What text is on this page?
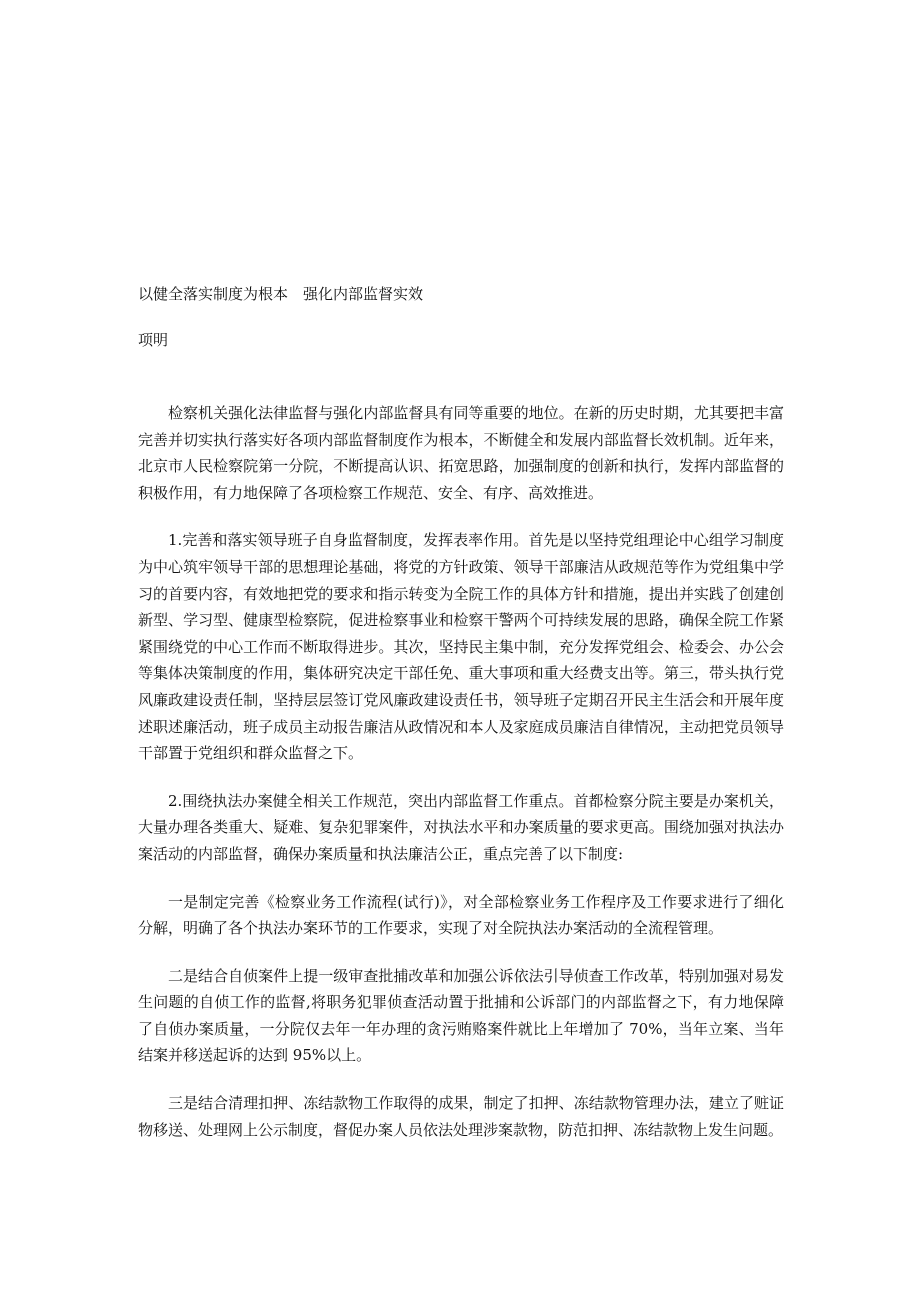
以健全落实制度为根本　强化内部监督实效
项明

检察机关强化法律监督与强化内部监督具有同等重要的地位。在新的历史时期，尤其要把丰富完善并切实执行落实好各项内部监督制度作为根本，不断健全和发展内部监督长效机制。近年来，北京市人民检察院第一分院，不断提高认识、拓宽思路，加强制度的创新和执行，发挥内部监督的积极作用，有力地保障了各项检察工作规范、安全、有序、高效推进。

1.完善和落实领导班子自身监督制度，发挥表率作用。首先是以坚持党组理论中心组学习制度为中心筑牢领导干部的思想理论基础，将党的方针政策、领导干部廉洁从政规范等作为党组集中学习的首要内容，有效地把党的要求和指示转变为全院工作的具体方针和措施，提出并实践了创建创新型、学习型、健康型检察院，促进检察事业和检察干警两个可持续发展的思路，确保全院工作紧紧围绕党的中心工作而不断取得进步。其次，坚持民主集中制，充分发挥党组会、检委会、办公会等集体决策制度的作用，集体研究决定干部任免、重大事项和重大经费支出等。第三，带头执行党风廉政建设责任制，坚持层层签订党风廉政建设责任书，领导班子定期召开民主生活会和开展年度述职述廉活动，班子成员主动报告廉洁从政情况和本人及家庭成员廉洁自律情况，主动把党员领导干部置于党组织和群众监督之下。

2.围绕执法办案健全相关工作规范，突出内部监督工作重点。首都检察分院主要是办案机关，大量办理各类重大、疑难、复杂犯罪案件，对执法水平和办案质量的要求更高。围绕加强对执法办案活动的内部监督，确保办案质量和执法廉洁公正，重点完善了以下制度:

一是制定完善《检察业务工作流程(试行)》，对全部检察业务工作程序及工作要求进行了细化分解，明确了各个执法办案环节的工作要求，实现了对全院执法办案活动的全流程管理。

二是结合自侦案件上提一级审查批捕改革和加强公诉依法引导侦查工作改革，特别加强对易发生问题的自侦工作的监督,将职务犯罪侦查活动置于批捕和公诉部门的内部监督之下，有力地保障了自侦办案质量，一分院仅去年一年办理的贪污贿赂案件就比上年增加了 70%，当年立案、当年结案并移送起诉的达到 95%以上。

三是结合清理扣押、冻结款物工作取得的成果，制定了扣押、冻结款物管理办法，建立了赃证物移送、处理网上公示制度，督促办案人员依法处理涉案款物，防范扣押、冻结款物上发生问题。
